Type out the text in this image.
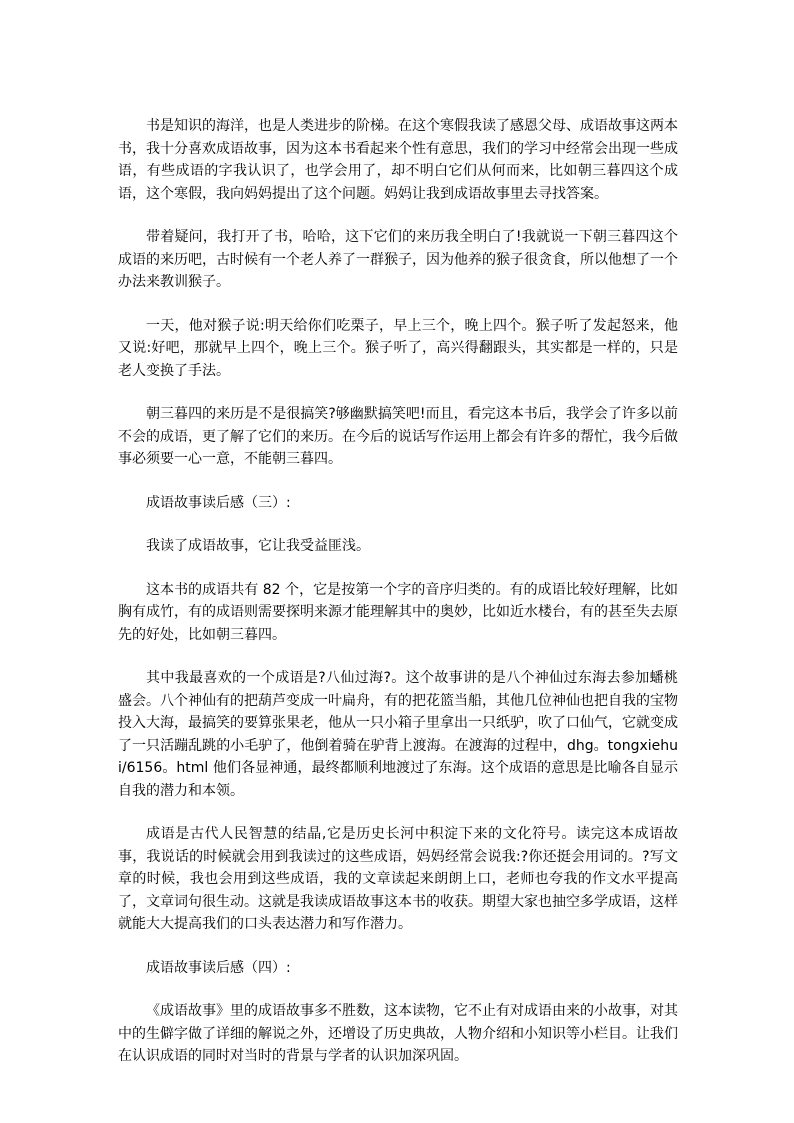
书是知识的海洋，也是人类进步的阶梯。在这个寒假我读了感恩父母、成语故事这两本书，我十分喜欢成语故事，因为这本书看起来个性有意思，我们的学习中经常会出现一些成语，有些成语的字我认识了，也学会用了，却不明白它们从何而来，比如朝三暮四这个成语，这个寒假，我向妈妈提出了这个问题。妈妈让我到成语故事里去寻找答案。

带着疑问，我打开了书，哈哈，这下它们的来历我全明白了!我就说一下朝三暮四这个成语的来历吧，古时候有一个老人养了一群猴子，因为他养的猴子很贪食，所以他想了一个办法来教训猴子。

一天，他对猴子说:明天给你们吃栗子，早上三个，晚上四个。猴子听了发起怒来，他又说:好吧，那就早上四个，晚上三个。猴子听了，高兴得翻跟头，其实都是一样的，只是老人变换了手法。

朝三暮四的来历是不是很搞笑?够幽默搞笑吧!而且，看完这本书后，我学会了许多以前不会的成语，更了解了它们的来历。在今后的说话写作运用上都会有许多的帮忙，我今后做事必须要一心一意，不能朝三暮四。

成语故事读后感（三）:

我读了成语故事，它让我受益匪浅。

这本书的成语共有 82 个，它是按第一个字的音序归类的。有的成语比较好理解，比如胸有成竹，有的成语则需要探明来源才能理解其中的奥妙，比如近水楼台，有的甚至失去原先的好处，比如朝三暮四。

其中我最喜欢的一个成语是?八仙过海?。这个故事讲的是八个神仙过东海去参加蟠桃盛会。八个神仙有的把葫芦变成一叶扁舟，有的把花篮当船，其他几位神仙也把自我的宝物投入大海，最搞笑的要算张果老，他从一只小箱子里拿出一只纸驴，吹了口仙气，它就变成了一只活蹦乱跳的小毛驴了，他倒着骑在驴背上渡海。在渡海的过程中，dhg。tongxiehui/6156。html 他们各显神通，最终都顺利地渡过了东海。这个成语的意思是比喻各自显示自我的潜力和本领。

成语是古代人民智慧的结晶,它是历史长河中积淀下来的文化符号。读完这本成语故事，我说话的时候就会用到我读过的这些成语，妈妈经常会说我:?你还挺会用词的。?写文章的时候，我也会用到这些成语，我的文章读起来朗朗上口，老师也夸我的作文水平提高了，文章词句很生动。这就是我读成语故事这本书的收获。期望大家也抽空多学成语，这样就能大大提高我们的口头表达潜力和写作潜力。

成语故事读后感（四）:

《成语故事》里的成语故事多不胜数，这本读物，它不止有对成语由来的小故事，对其中的生僻字做了详细的解说之外，还增设了历史典故，人物介绍和小知识等小栏目。让我们在认识成语的同时对当时的背景与学者的认识加深巩固。
